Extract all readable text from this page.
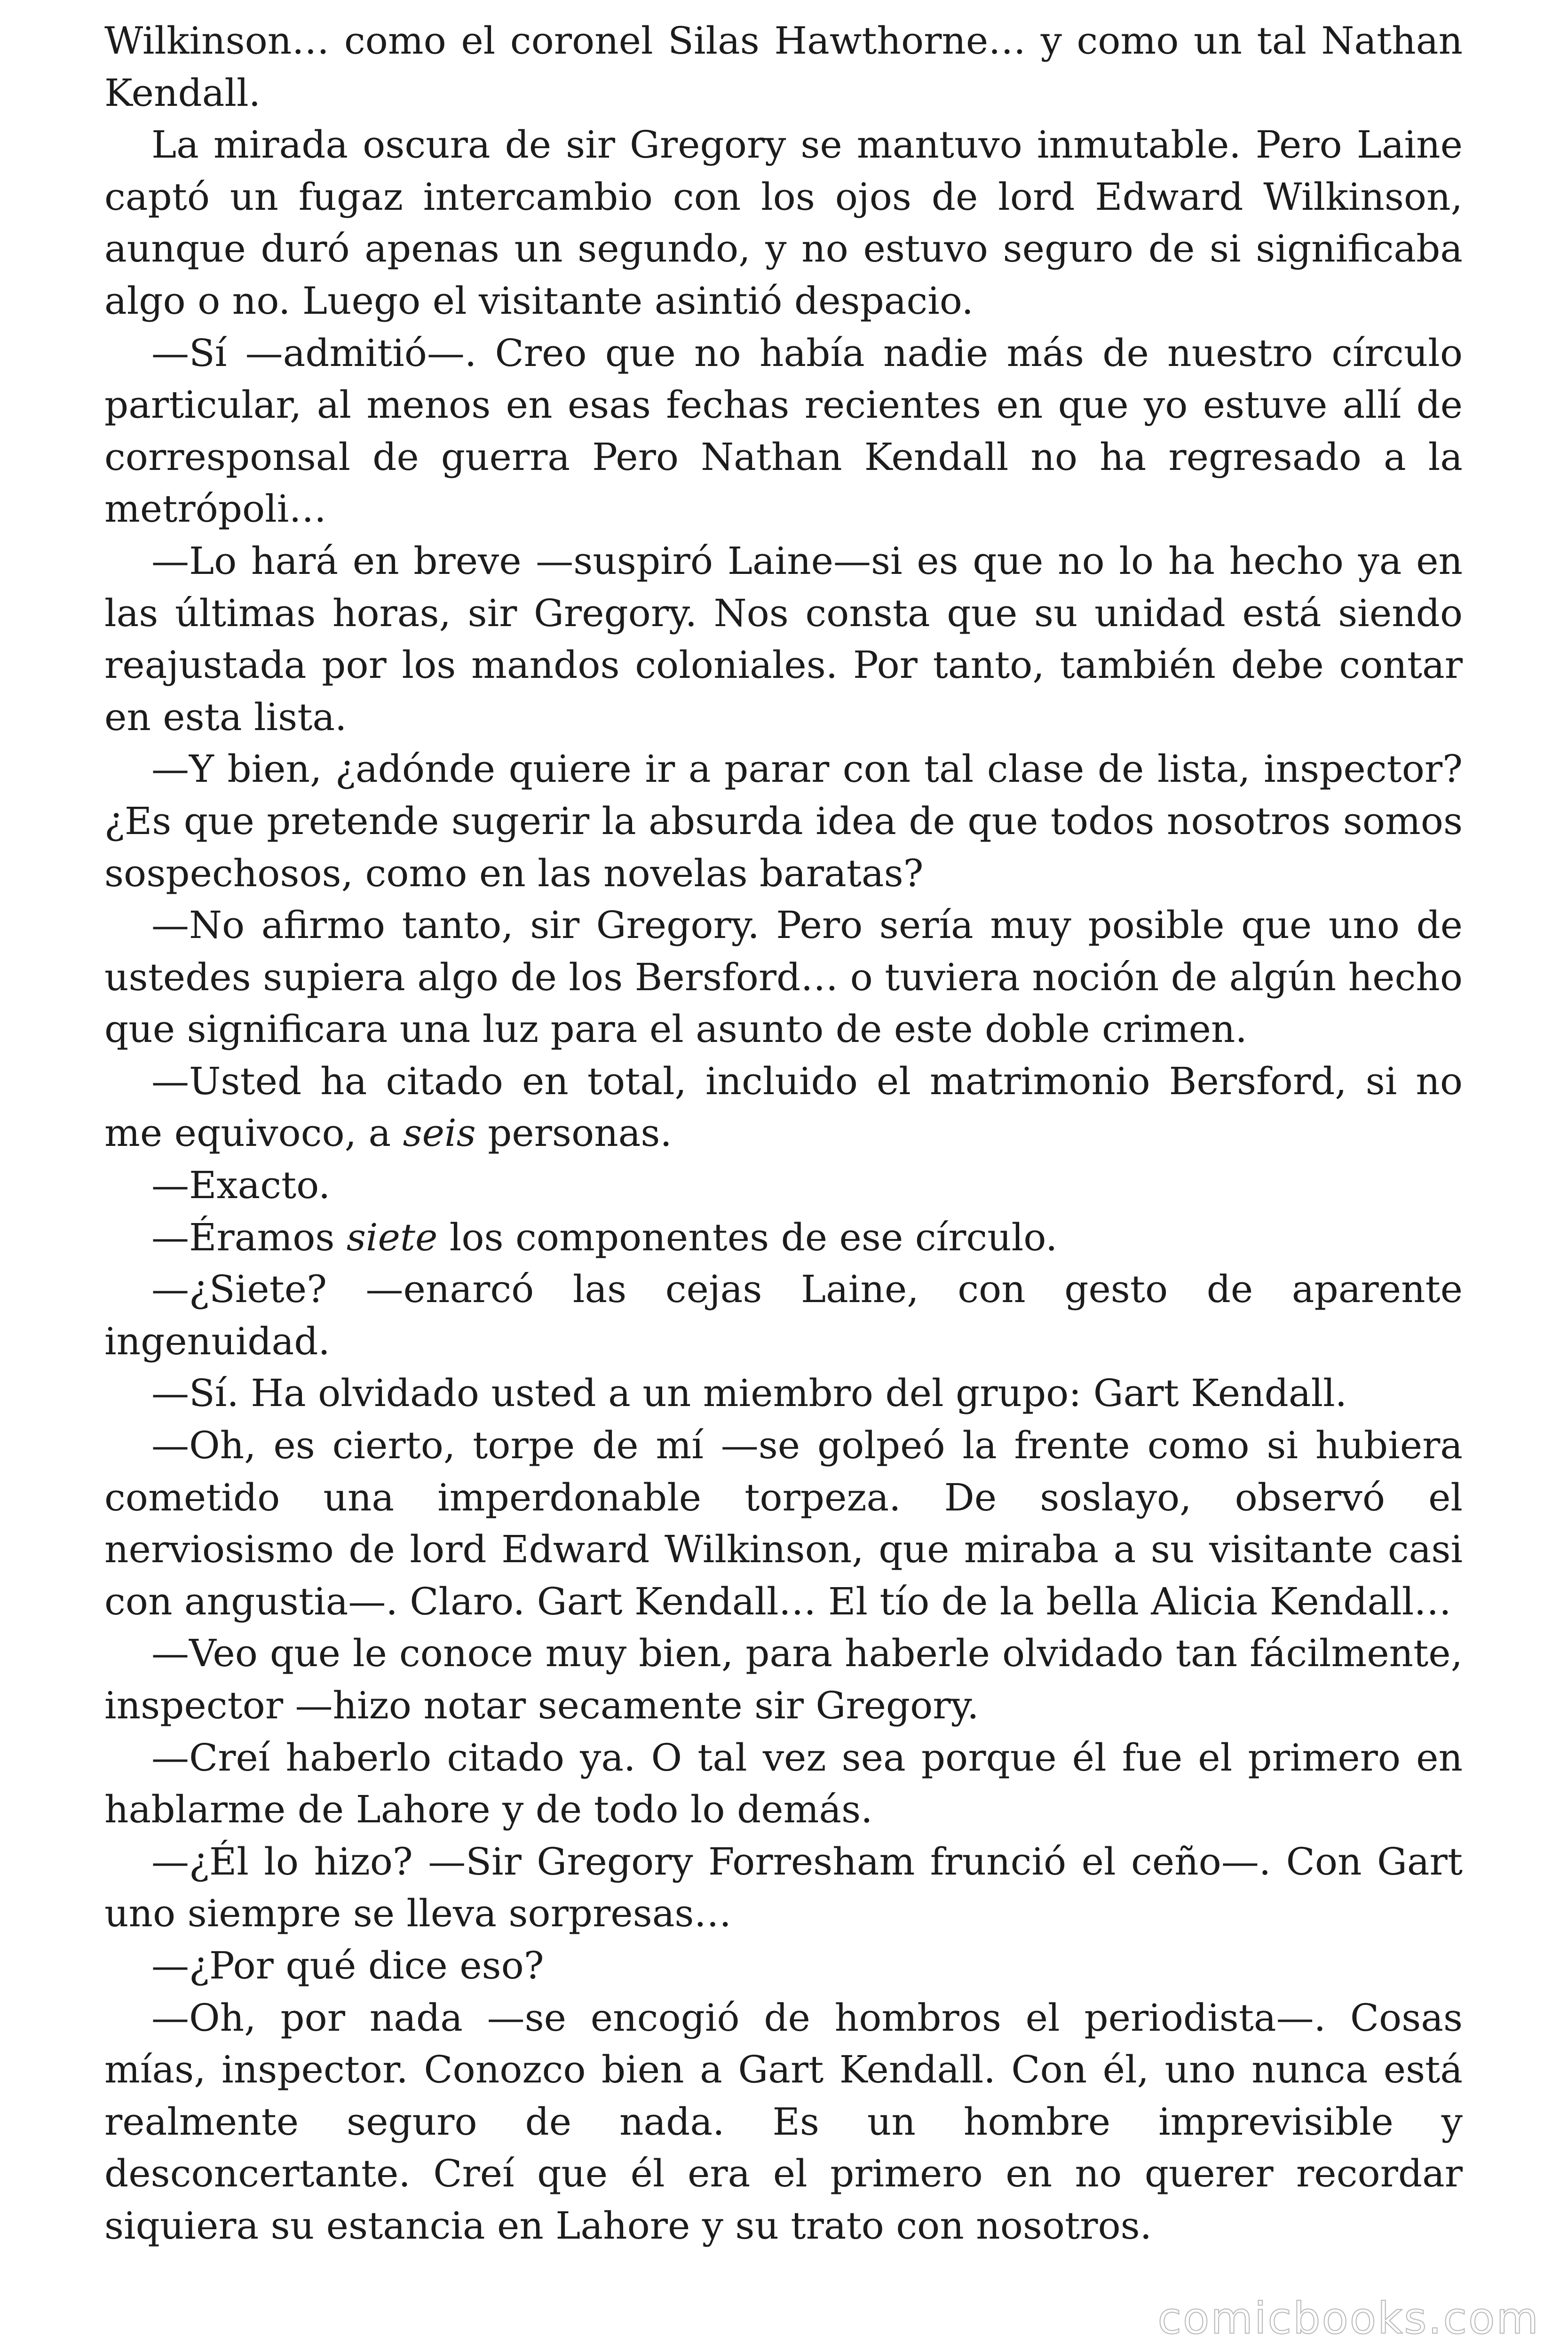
Wilkinson… como el coronel Silas Hawthorne… y como un tal Nathan Kendall.

La mirada oscura de sir Gregory se mantuvo inmutable. Pero Laine captó un fugaz intercambio con los ojos de lord Edward Wilkinson, aunque duró apenas un segundo, y no estuvo seguro de si significaba algo o no. Luego el visitante asintió despacio.

—Sí —admitió—. Creo que no había nadie más de nuestro círculo particular, al menos en esas fechas recientes en que yo estuve allí de corresponsal de guerra Pero Nathan Kendall no ha regresado a la metrópoli…

—Lo hará en breve —suspiró Laine—si es que no lo ha hecho ya en las últimas horas, sir Gregory. Nos consta que su unidad está siendo reajustada por los mandos coloniales. Por tanto, también debe contar en esta lista.

—Y bien, ¿adónde quiere ir a parar con tal clase de lista, inspector? ¿Es que pretende sugerir la absurda idea de que todos nosotros somos sospechosos, como en las novelas baratas?

—No afirmo tanto, sir Gregory. Pero sería muy posible que uno de ustedes supiera algo de los Bersford… o tuviera noción de algún hecho que significara una luz para el asunto de este doble crimen.

—Usted ha citado en total, incluido el matrimonio Bersford, si no me equivoco, a seis personas.

—Exacto.

—Éramos siete los componentes de ese círculo.

—¿Siete? —enarcó las cejas Laine, con gesto de aparente ingenuidad.

—Sí. Ha olvidado usted a un miembro del grupo: Gart Kendall.

—Oh, es cierto, torpe de mí —se golpeó la frente como si hubiera cometido una imperdonable torpeza. De soslayo, observó el nerviosismo de lord Edward Wilkinson, que miraba a su visitante casi con angustia—. Claro. Gart Kendall… El tío de la bella Alicia Kendall…

—Veo que le conoce muy bien, para haberle olvidado tan fácilmente, inspector —hizo notar secamente sir Gregory.

—Creí haberlo citado ya. O tal vez sea porque él fue el primero en hablarme de Lahore y de todo lo demás.

—¿Él lo hizo? —Sir Gregory Forresham frunció el ceño—. Con Gart uno siempre se lleva sorpresas…

—¿Por qué dice eso?

—Oh, por nada —se encogió de hombros el periodista—. Cosas mías, inspector. Conozco bien a Gart Kendall. Con él, uno nunca está realmente seguro de nada. Es un hombre imprevisible y desconcertante. Creí que él era el primero en no querer recordar siquiera su estancia en Lahore y su trato con nosotros.

comicbooks.com
